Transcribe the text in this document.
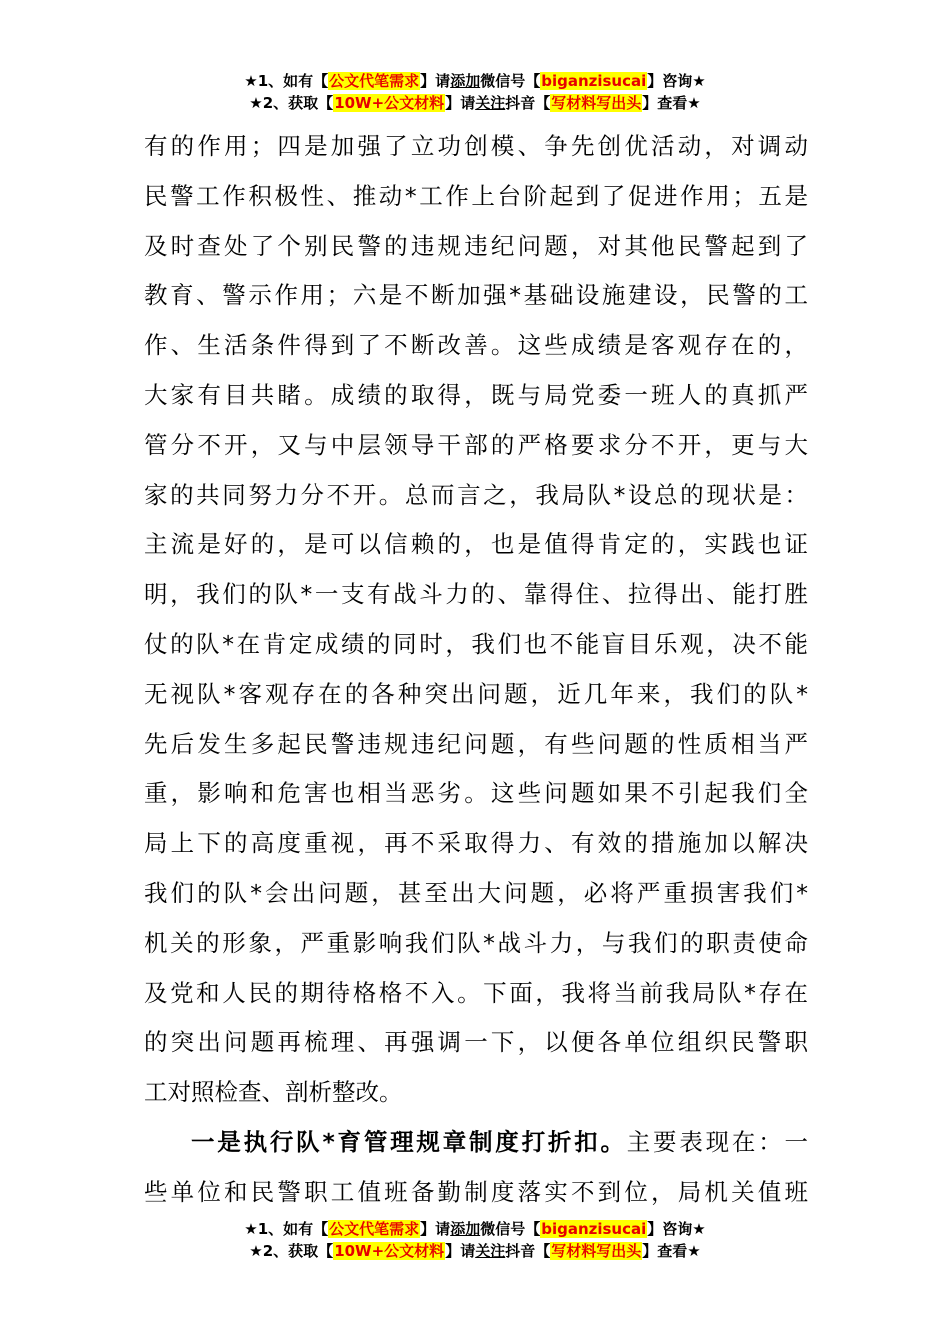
★1、如有【公文代笔需求】请添加微信号【biganzisucai】咨询★
★2、获取【10W+公文材料】请关注抖音【写材料写出头】查看★

有的作用；四是加强了立功创模、争先创优活动，对调动

民警工作积极性、推动*工作上台阶起到了促进作用；五是

及时查处了个别民警的违规违纪问题，对其他民警起到了

教育、警示作用；六是不断加强*基础设施建设，民警的工

作、生活条件得到了不断改善。这些成绩是客观存在的，

大家有目共睹。成绩的取得，既与局党委一班人的真抓严

管分不开，又与中层领导干部的严格要求分不开，更与大

家的共同努力分不开。总而言之，我局队*设总的现状是：

主流是好的，是可以信赖的，也是值得肯定的，实践也证

明，我们的队*一支有战斗力的、靠得住、拉得出、能打胜

仗的队*在肯定成绩的同时，我们也不能盲目乐观，决不能

无视队*客观存在的各种突出问题，近几年来，我们的队*

先后发生多起民警违规违纪问题，有些问题的性质相当严

重，影响和危害也相当恶劣。这些问题如果不引起我们全

局上下的高度重视，再不采取得力、有效的措施加以解决

我们的队*会出问题，甚至出大问题，必将严重损害我们*

机关的形象，严重影响我们队*战斗力，与我们的职责使命

及党和人民的期待格格不入。下面，我将当前我局队*存在

的突出问题再梳理、再强调一下，以便各单位组织民警职

工对照检查、剖析整改。

一是执行队*育管理规章制度打折扣。主要表现在：一

些单位和民警职工值班备勤制度落实不到位，局机关值班

★1、如有【公文代笔需求】请添加微信号【biganzisucai】咨询★
★2、获取【10W+公文材料】请关注抖音【写材料写出头】查看★
